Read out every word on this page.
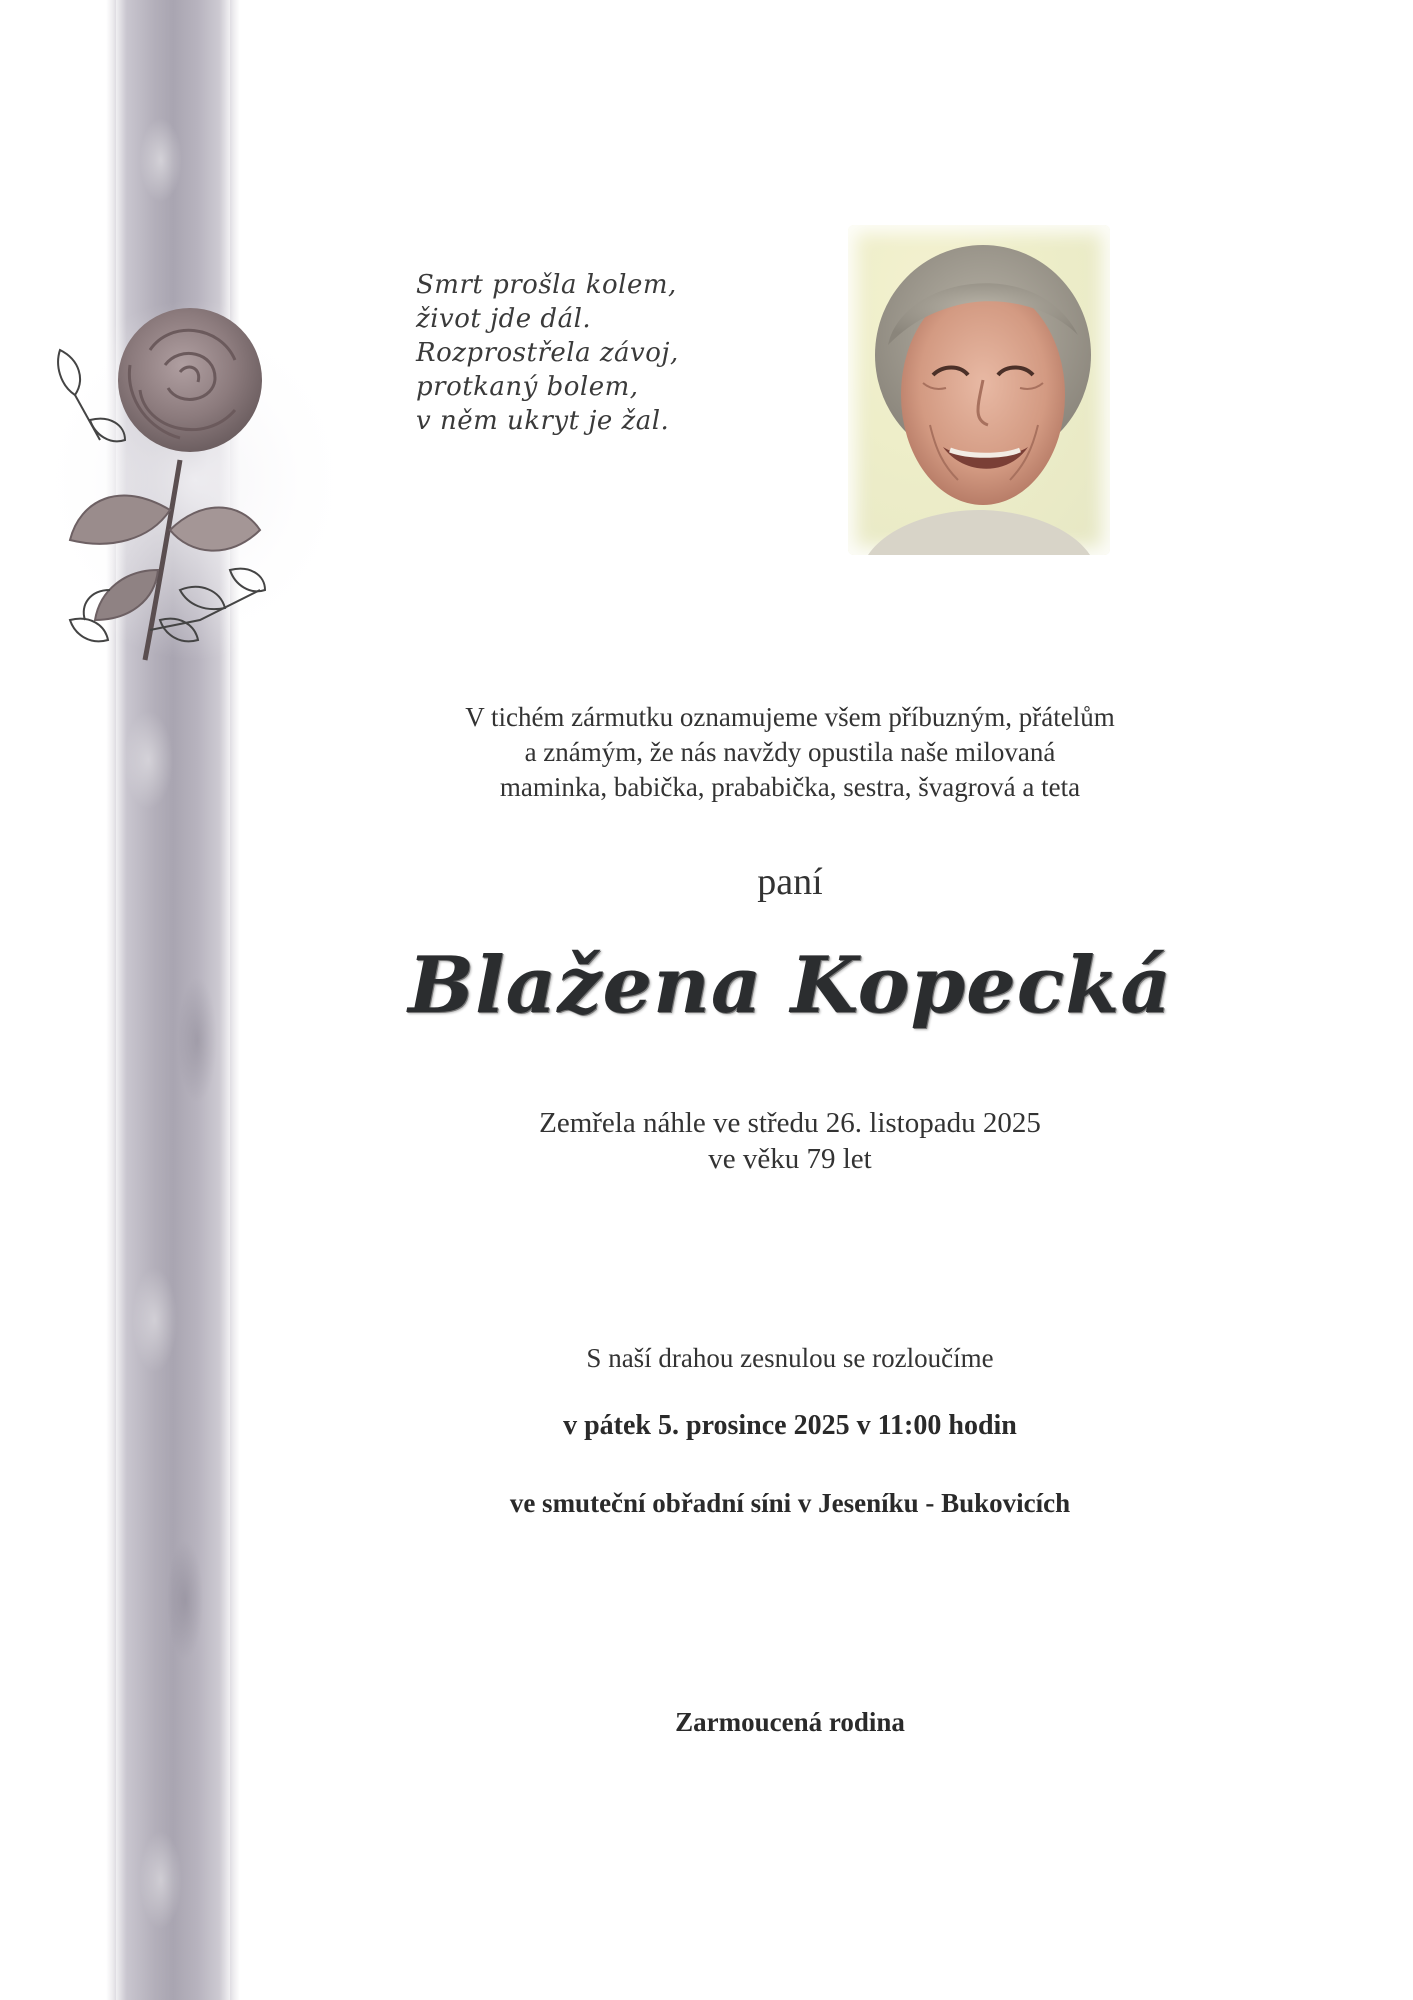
Smrt prošla kolem,
život jde dál.
Rozprostřela závoj,
protkaný bolem,
v něm ukryt je žal.
V tichém zármutku oznamujeme všem příbuzným, přátelům
a známým, že nás navždy opustila naše milovaná
maminka, babička, prababička, sestra, švagrová a teta
paní
Blažena Kopecká
Zemřela náhle ve středu 26. listopadu 2025
ve věku 79 let
S naší drahou zesnulou se rozloučíme
v pátek 5. prosince 2025 v 11:00 hodin
ve smuteční obřadní síni v Jeseníku - Bukovicích
Zarmoucená rodina
